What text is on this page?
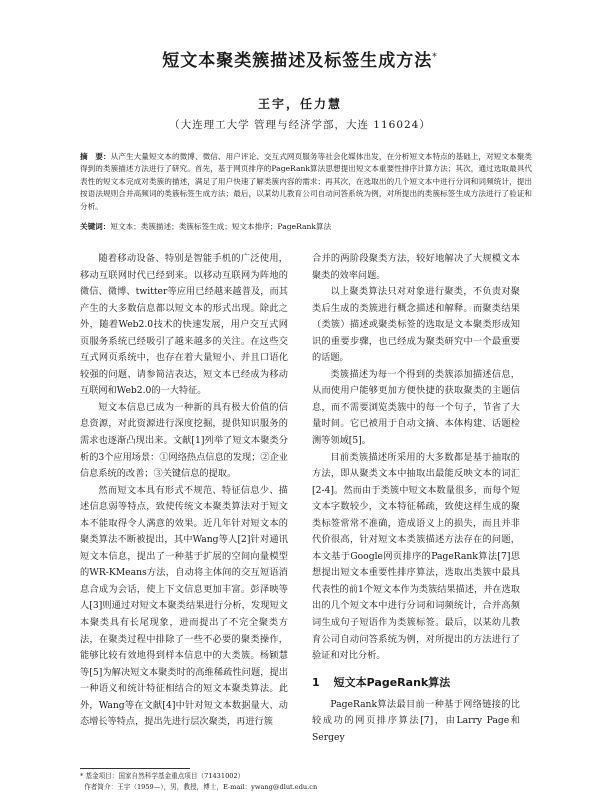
短文本聚类簇描述及标签生成方法*
王宇，任力慧
（大连理工大学 管理与经济学部，大连 116024）
摘　要：从产生大量短文本的微博、微信、用户评论、交互式网页服务等社会化媒体出发，在分析短文本特点的基础上，对短文本聚类得到的类簇描述方法进行了研究。首先，基于网页排序的PageRank算法思想提出短文本重要性排序计算方法；其次，通过选取最具代表性的短文本完成对类簇的描述，满足了用户快速了解类簇内容的需求；再其次，在选取出的几个短文本中进行分词和词频统计，提出按语法规则合并高频词的类簇标签生成方法；最后，以某幼儿教育公司自动问答系统为例，对所提出的类簇标签生成方法进行了验证和分析。
关键词：短文本；类簇描述；类簇标签生成；短文本排序；PageRank算法

随着移动设备、特别是智能手机的广泛使用，移动互联网时代已经到来。以移动互联网为阵地的微信、微博、twitter等应用已经越来越普及，而其产生的大多数信息都以短文本的形式出现。除此之外，随着Web2.0技术的快速发展，用户交互式网页服务系统已经吸引了越来越多的关注。在这些交互式网页系统中，也存在着大量短小、并且口语化较强的问题、请参简洁表达，短文本已经成为移动互联网和Web2.0的一大特征。

短文本信息已成为一种新的具有极大价值的信息资源，对此资源进行深度挖掘，提供知识服务的需求也逐渐凸现出来。文献[1]列举了短文本聚类分析的3个应用场景：①网络热点信息的发现；②企业信息系统的改善；③关键信息的提取。

然而短文本具有形式不规范、特征信息少、描述信息弱等特点，致使传统文本聚类算法对于短文本不能取得令人满意的效果。近几年针对短文本的聚类算法不断被提出，其中Wang等人[2]针对通讯短文本信息，提出了一种基于扩展的空间向量模型的WR-KMeans方法，自动将主体间的交互短语消息合成为会话，使上下文信息更加丰富。彭泽映等人[3]则通过对短文本聚类结果进行分析，发现短文本聚类具有长尾现象，进而提出了不完全聚类方法，在聚类过程中排除了一些不必要的聚类操作，能够比较有效地得到样本信息中的大类簇。杨颖慧等[5]为解决短文本聚类时的高维稀疏性问题，提出一种语义和统计特征相结合的短文本聚类算法。此外，Wang等在文献[4]中针对短文本数据量大、动态增长等特点，提出先进行层次聚类，再进行簇

合并的两阶段聚类方法，较好地解决了大规模文本聚类的效率问题。

以上聚类算法只对对象进行聚类，不负责对聚类后生成的类簇进行概念描述和解释。而聚类结果（类簇）描述或聚类标签的选取是文本聚类形成知识的重要步骤，也已经成为聚类研究中一个最重要的话题。

类簇描述为每一个得到的类簇添加描述信息，从而使用户能够更加方便快捷的获取聚类的主题信息，而不需要浏览类簇中的每一个句子，节省了大量时间。它已被用于自动文摘、本体构建、话题检测等领域[5]。

目前类簇描述所采用的大多数都是基于抽取的方法，即从聚类文本中抽取出最能反映文本的词汇[2-4]。然而由于类簇中短文本数量很多，而每个短文本字数较少，文本特征稀疏，致使这样生成的聚类标签常常不准确，造成语义上的损失，而且并非代价很高，针对短文本类簇描述方法存在的问题，本文基于Google网页排序的PageRank算法[7]思想提出短文本重要性排序算法，选取出类簇中最具代表性的前1个短文本作为类簇结果描述，并在选取出的几个短文本中进行分词和词频统计，合并高频词生成句子短语作为类簇标签。最后，以某幼儿教育公司自动问答系统为例，对所提出的方法进行了验证和对比分析。

1 短文本PageRank算法

PageRank算法最目前一种基于网络链接的比较成功的网页排序算法[7]，由Larry Page和Sergey

* 基金项目：国家自然科学基金重点项目（71431002）
作者简介：王宇（1959—），男，教授，博士，E-mail：ywang@dlut.edu.cn
